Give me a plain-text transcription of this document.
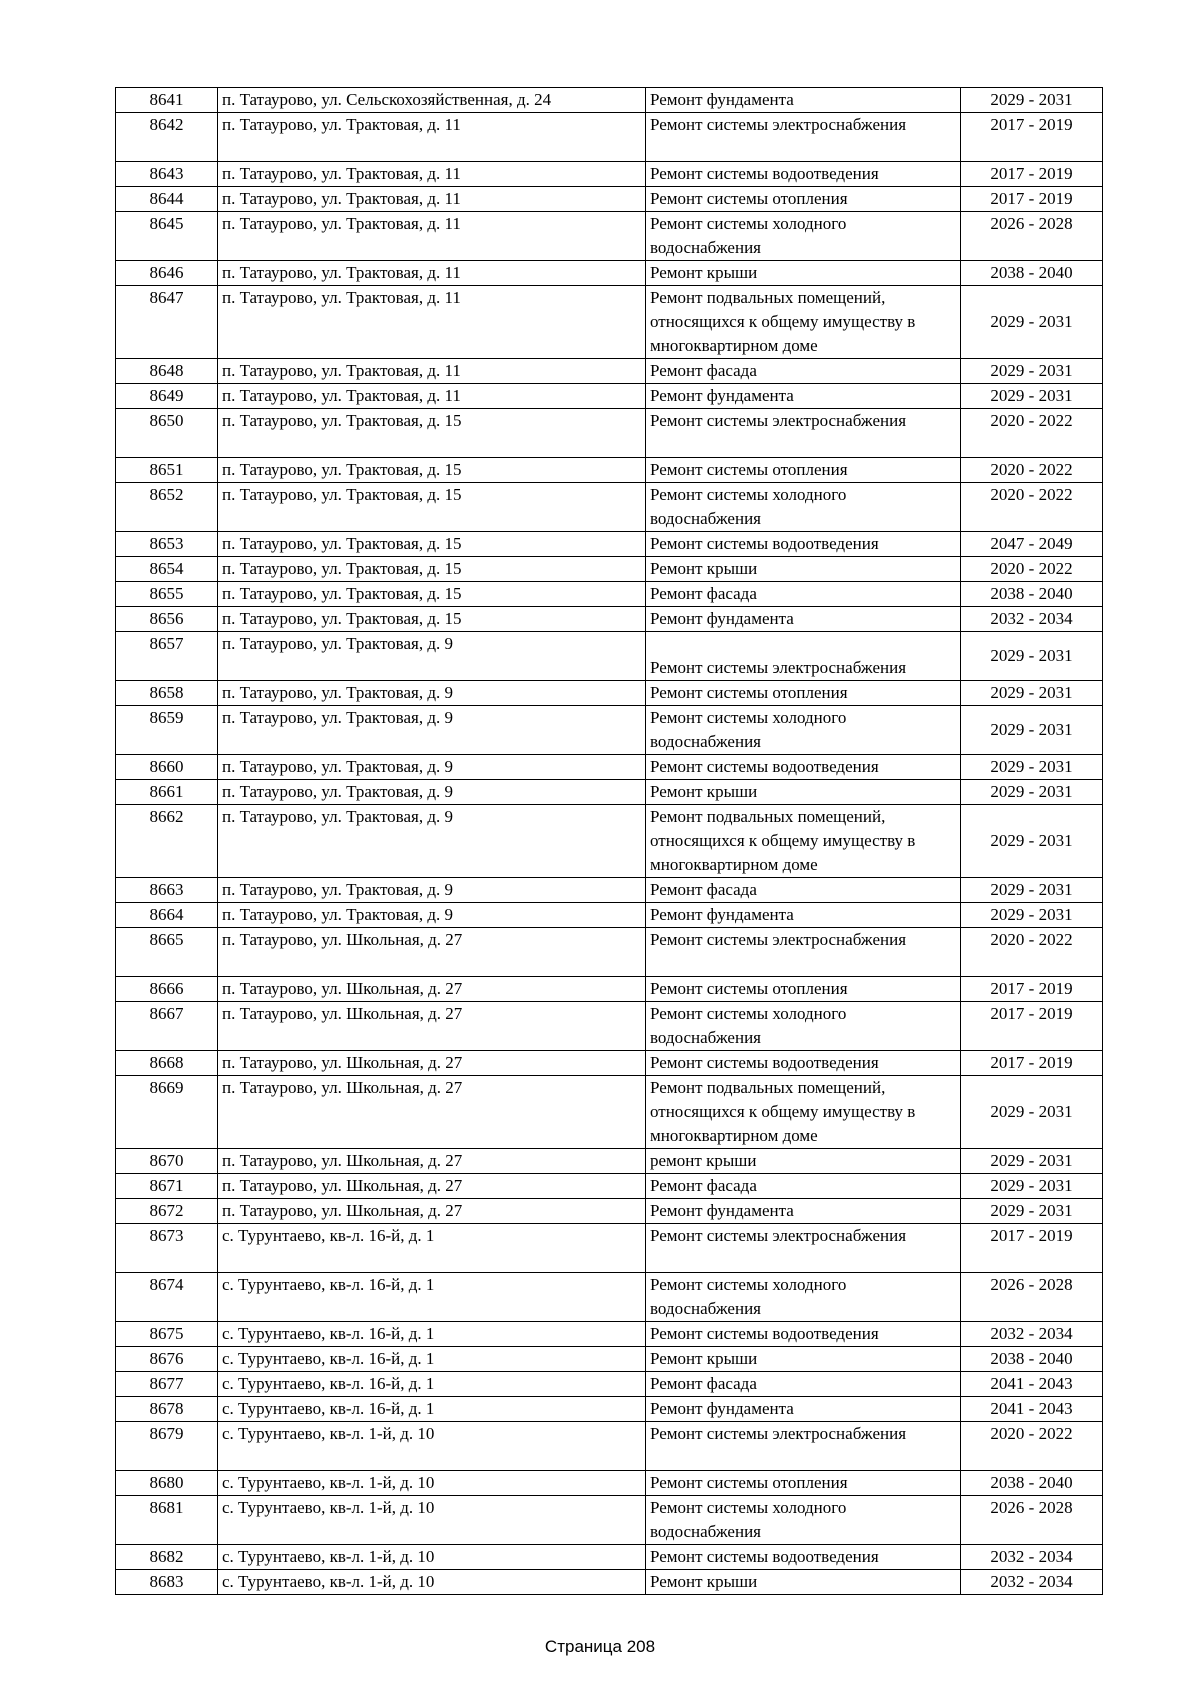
8641	п. Татаурово, ул. Сельскохозяйственная, д. 24	Ремонт фундамента	2029 - 2031
8642	п. Татаурово, ул. Трактовая, д. 11	Ремонт системы электроснабжения	2017 - 2019
8643	п. Татаурово, ул. Трактовая, д. 11	Ремонт системы водоотведения	2017 - 2019
8644	п. Татаурово, ул. Трактовая, д. 11	Ремонт системы отопления	2017 - 2019
8645	п. Татаурово, ул. Трактовая, д. 11	Ремонт системы холодного водоснабжения	2026 - 2028
8646	п. Татаурово, ул. Трактовая, д. 11	Ремонт крыши	2038 - 2040
8647	п. Татаурово, ул. Трактовая, д. 11	Ремонт подвальных помещений, относящихся к общему имуществу в многоквартирном доме	2029 - 2031
8648	п. Татаурово, ул. Трактовая, д. 11	Ремонт фасада	2029 - 2031
8649	п. Татаурово, ул. Трактовая, д. 11	Ремонт фундамента	2029 - 2031
8650	п. Татаурово, ул. Трактовая, д. 15	Ремонт системы электроснабжения	2020 - 2022
8651	п. Татаурово, ул. Трактовая, д. 15	Ремонт системы отопления	2020 - 2022
8652	п. Татаурово, ул. Трактовая, д. 15	Ремонт системы холодного водоснабжения	2020 - 2022
8653	п. Татаурово, ул. Трактовая, д. 15	Ремонт системы водоотведения	2047 - 2049
8654	п. Татаурово, ул. Трактовая, д. 15	Ремонт крыши	2020 - 2022
8655	п. Татаурово, ул. Трактовая, д. 15	Ремонт фасада	2038 - 2040
8656	п. Татаурово, ул. Трактовая, д. 15	Ремонт фундамента	2032 - 2034
8657	п. Татаурово, ул. Трактовая, д. 9	Ремонт системы электроснабжения	2029 - 2031
8658	п. Татаурово, ул. Трактовая, д. 9	Ремонт системы отопления	2029 - 2031
8659	п. Татаурово, ул. Трактовая, д. 9	Ремонт системы холодного водоснабжения	2029 - 2031
8660	п. Татаурово, ул. Трактовая, д. 9	Ремонт системы водоотведения	2029 - 2031
8661	п. Татаурово, ул. Трактовая, д. 9	Ремонт крыши	2029 - 2031
8662	п. Татаурово, ул. Трактовая, д. 9	Ремонт подвальных помещений, относящихся к общему имуществу в многоквартирном доме	2029 - 2031
8663	п. Татаурово, ул. Трактовая, д. 9	Ремонт фасада	2029 - 2031
8664	п. Татаурово, ул. Трактовая, д. 9	Ремонт фундамента	2029 - 2031
8665	п. Татаурово, ул. Школьная, д. 27	Ремонт системы электроснабжения	2020 - 2022
8666	п. Татаурово, ул. Школьная, д. 27	Ремонт системы отопления	2017 - 2019
8667	п. Татаурово, ул. Школьная, д. 27	Ремонт системы холодного водоснабжения	2017 - 2019
8668	п. Татаурово, ул. Школьная, д. 27	Ремонт системы водоотведения	2017 - 2019
8669	п. Татаурово, ул. Школьная, д. 27	Ремонт подвальных помещений, относящихся к общему имуществу в многоквартирном доме	2029 - 2031
8670	п. Татаурово, ул. Школьная, д. 27	ремонт крыши	2029 - 2031
8671	п. Татаурово, ул. Школьная, д. 27	Ремонт фасада	2029 - 2031
8672	п. Татаурово, ул. Школьная, д. 27	Ремонт фундамента	2029 - 2031
8673	с. Турунтаево, кв-л. 16-й, д. 1	Ремонт системы электроснабжения	2017 - 2019
8674	с. Турунтаево, кв-л. 16-й, д. 1	Ремонт системы холодного водоснабжения	2026 - 2028
8675	с. Турунтаево, кв-л. 16-й, д. 1	Ремонт системы водоотведения	2032 - 2034
8676	с. Турунтаево, кв-л. 16-й, д. 1	Ремонт крыши	2038 - 2040
8677	с. Турунтаево, кв-л. 16-й, д. 1	Ремонт фасада	2041 - 2043
8678	с. Турунтаево, кв-л. 16-й, д. 1	Ремонт фундамента	2041 - 2043
8679	с. Турунтаево, кв-л. 1-й, д. 10	Ремонт системы электроснабжения	2020 - 2022
8680	с. Турунтаево, кв-л. 1-й, д. 10	Ремонт системы отопления	2038 - 2040
8681	с. Турунтаево, кв-л. 1-й, д. 10	Ремонт системы холодного водоснабжения	2026 - 2028
8682	с. Турунтаево, кв-л. 1-й, д. 10	Ремонт системы водоотведения	2032 - 2034
8683	с. Турунтаево, кв-л. 1-й, д. 10	Ремонт крыши	2032 - 2034
Страница 208
